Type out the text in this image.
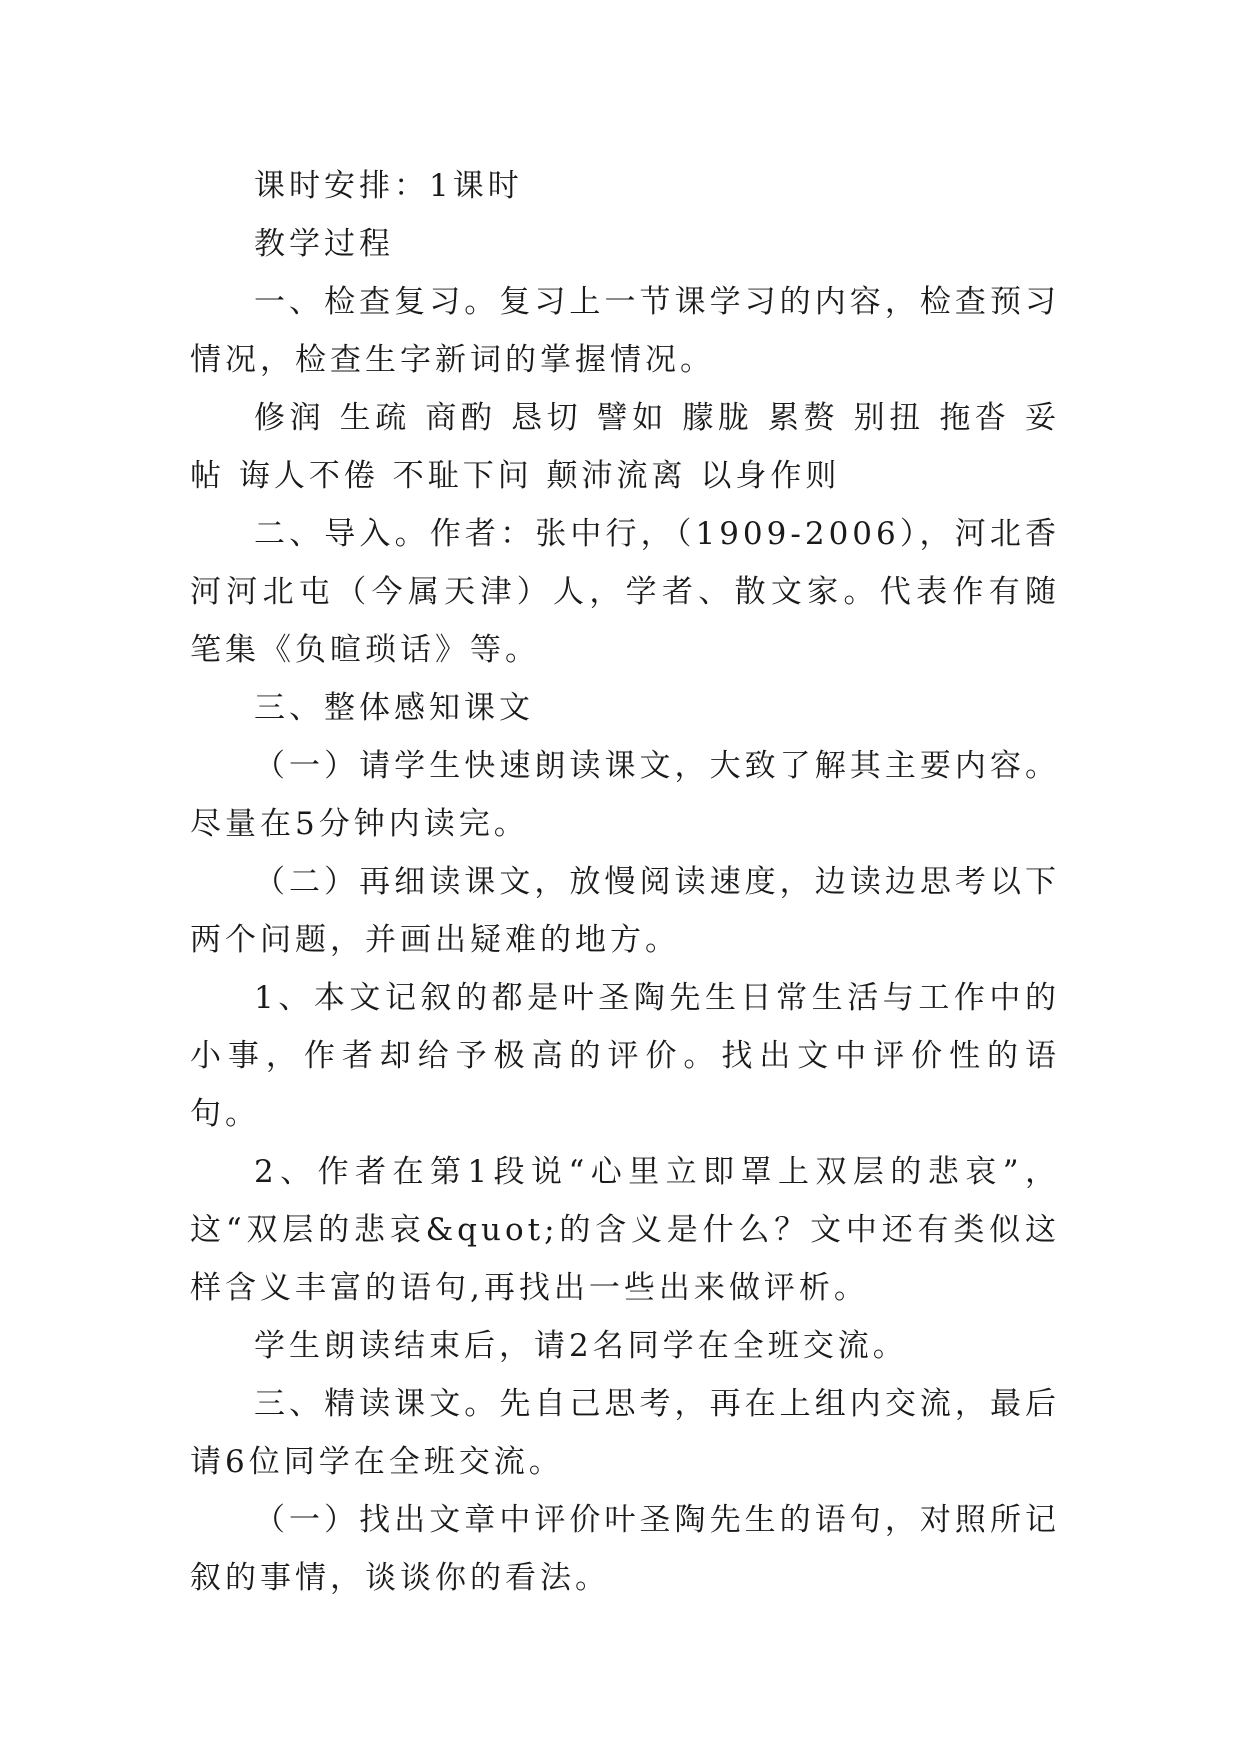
课时安排：1课时

教学过程

一、检查复习。复习上一节课学习的内容，检查预习情况，检查生字新词的掌握情况。

修润 生疏 商酌 恳切 譬如 朦胧 累赘 别扭 拖沓 妥帖 诲人不倦 不耻下问 颠沛流离 以身作则

二、导入。作者：张中行，（1909-2006），河北香河河北屯（今属天津）人，学者、散文家。代表作有随笔集《负暄琐话》等。

三、整体感知课文

（一）请学生快速朗读课文，大致了解其主要内容。尽量在5分钟内读完。

（二）再细读课文，放慢阅读速度，边读边思考以下两个问题，并画出疑难的地方。

1、本文记叙的都是叶圣陶先生日常生活与工作中的小事，作者却给予极高的评价。找出文中评价性的语句。

2、作者在第1段说“心里立即罩上双层的悲哀”，这“双层的悲哀&quot;的含义是什么？文中还有类似这样含义丰富的语句,再找出一些出来做评析。

学生朗读结束后，请2名同学在全班交流。

三、精读课文。先自己思考，再在上组内交流，最后请6位同学在全班交流。

（一）找出文章中评价叶圣陶先生的语句，对照所记叙的事情，谈谈你的看法。
